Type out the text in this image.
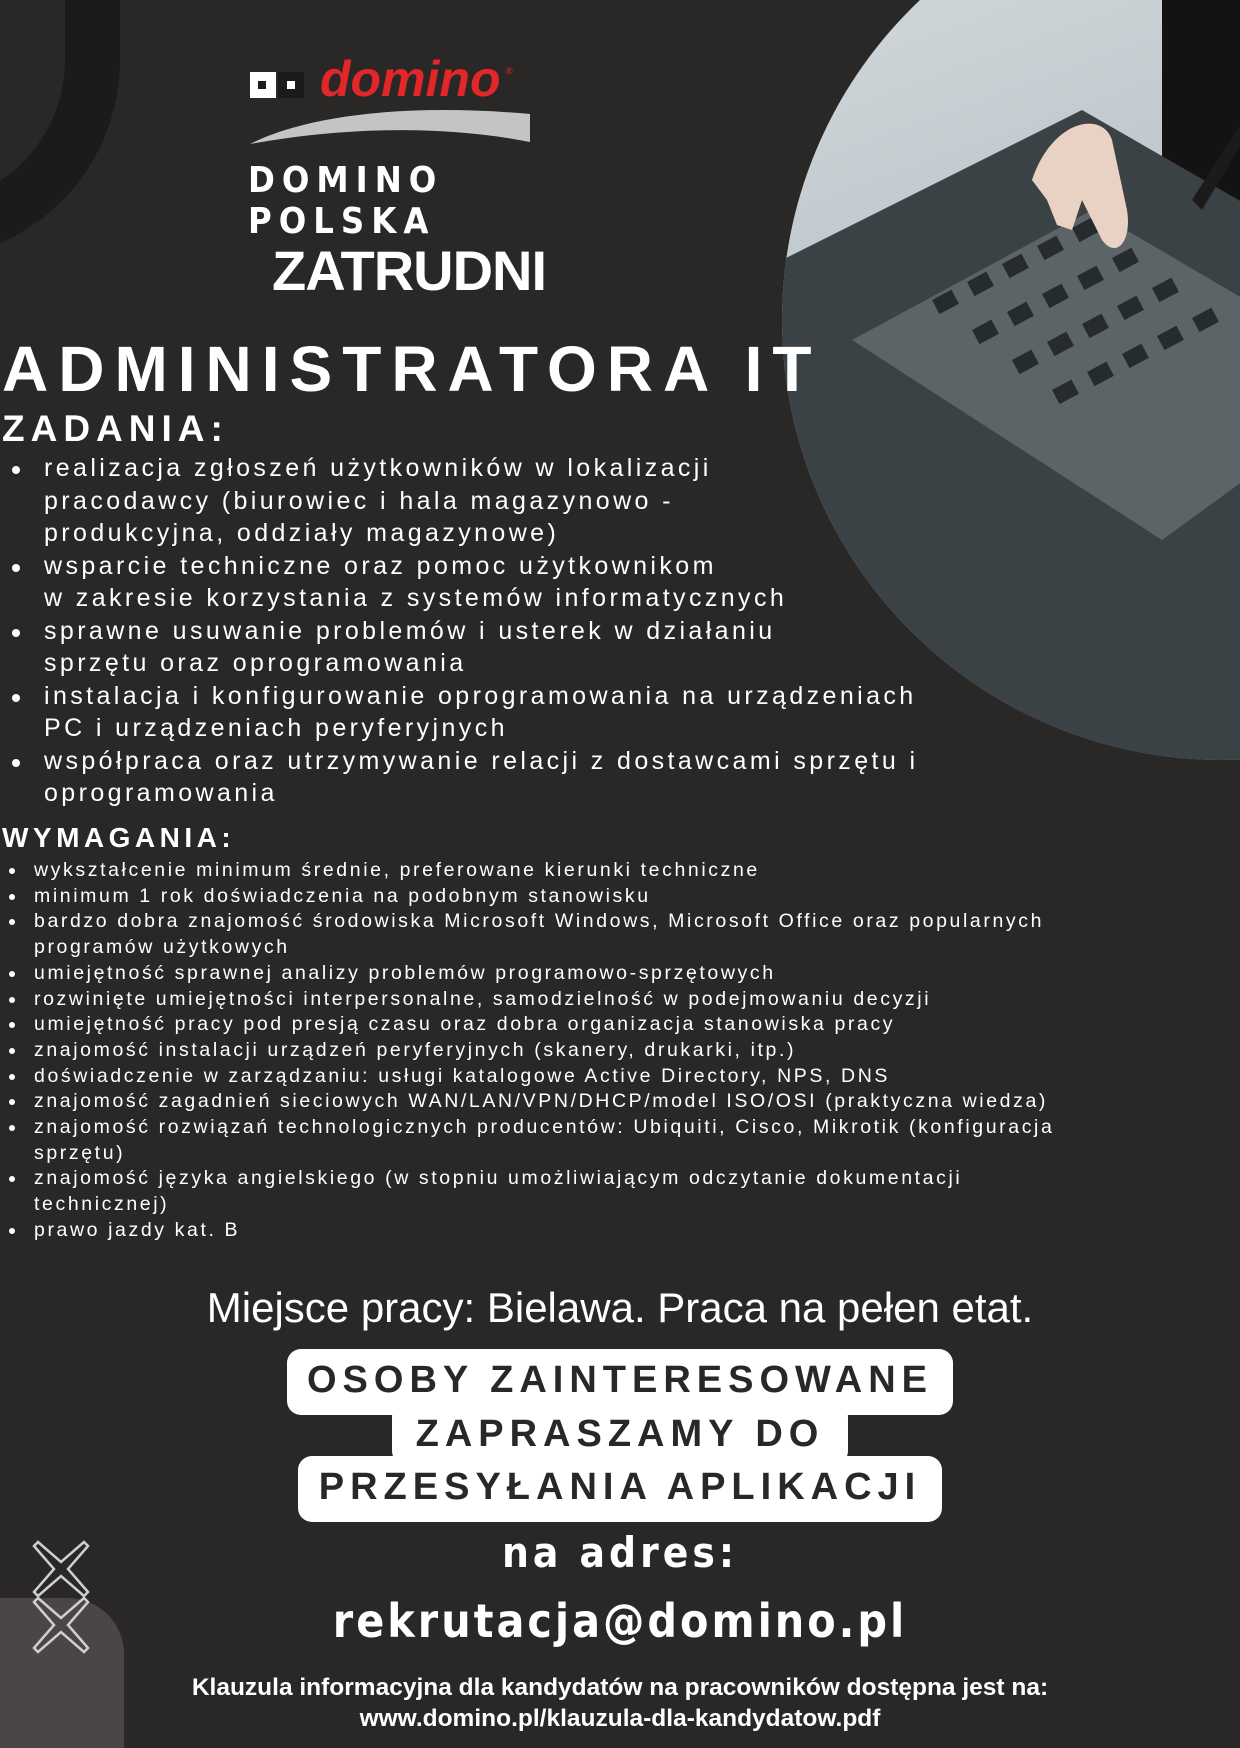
domino ®
DOMINO POLSKA
ZATRUDNI
ADMINISTRATORA IT
ZADANIA:
realizacja zgłoszeń użytkowników w lokalizacji
pracodawcy (biurowiec i hala magazynowo -
produkcyjna, oddziały magazynowe)
wsparcie techniczne oraz pomoc użytkownikom
w zakresie korzystania z systemów informatycznych
sprawne usuwanie problemów i usterek w działaniu
sprzętu oraz oprogramowania
instalacja i konfigurowanie oprogramowania na urządzeniach
PC i urządzeniach peryferyjnych
współpraca oraz utrzymywanie relacji z dostawcami sprzętu i
oprogramowania
WYMAGANIA:
wykształcenie minimum średnie, preferowane kierunki techniczne
minimum 1 rok doświadczenia na podobnym stanowisku
bardzo dobra znajomość środowiska Microsoft Windows, Microsoft Office oraz popularnych
programów użytkowych
umiejętność sprawnej analizy problemów programowo-sprzętowych
rozwinięte umiejętności interpersonalne, samodzielność w podejmowaniu decyzji
umiejętność pracy pod presją czasu oraz dobra organizacja stanowiska pracy
znajomość instalacji urządzeń peryferyjnych (skanery, drukarki, itp.)
doświadczenie w zarządzaniu: usługi katalogowe Active Directory, NPS, DNS
znajomość zagadnień sieciowych WAN/LAN/VPN/DHCP/model ISO/OSI (praktyczna wiedza)
znajomość rozwiązań technologicznych producentów: Ubiquiti, Cisco, Mikrotik (konfiguracja
sprzętu)
znajomość języka angielskiego (w stopniu umożliwiającym odczytanie dokumentacji
technicznej)
prawo jazdy kat. B
Miejsce pracy: Bielawa. Praca na pełen etat.
OSOBY ZAINTERESOWANE
ZAPRASZAMY DO
PRZESYŁANIA APLIKACJI
na adres:
rekrutacja@domino.pl
Klauzula informacyjna dla kandydatów na pracowników dostępna jest na:
www.domino.pl/klauzula-dla-kandydatow.pdf
